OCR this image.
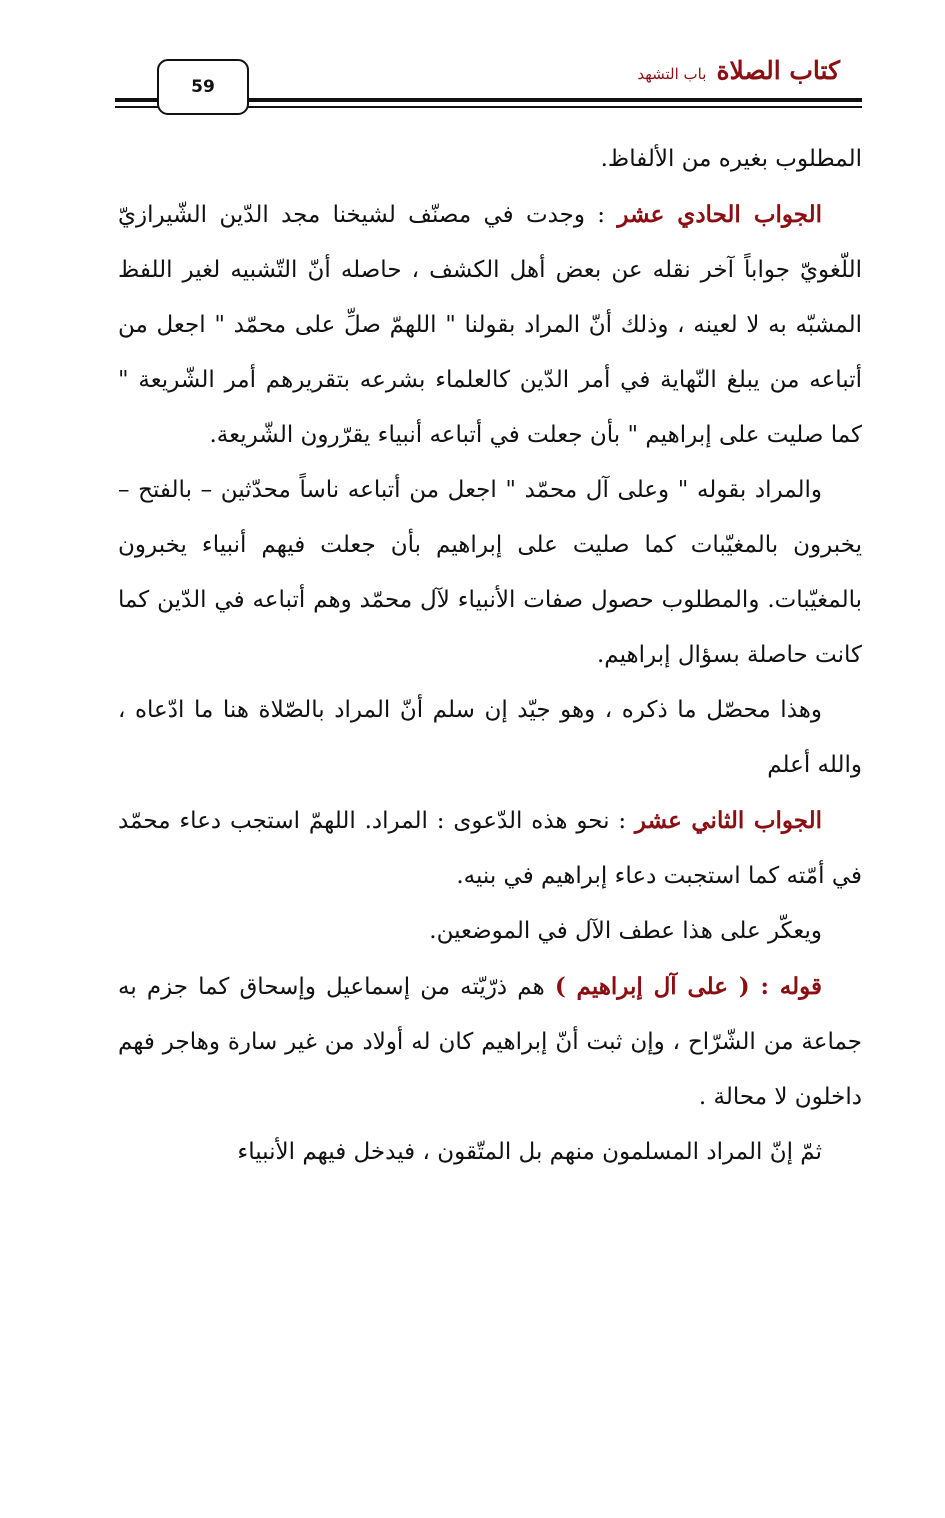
كتاب الصلاةباب التشهد
59

المطلوب بغيره من الألفاظ.

الجواب الحادي عشر : وجدت في مصنّف لشيخنا مجد الدّين الشّيرازيّ اللّغويّ جواباً آخر نقله عن بعض أهل الكشف ، حاصله أنّ التّشبيه لغير اللفظ المشبّه به لا لعينه ، وذلك أنّ المراد بقولنا " اللهمّ صلِّ على محمّد " اجعل من أتباعه من يبلغ النّهاية في أمر الدّين كالعلماء بشرعه بتقريرهم أمر الشّريعة " كما صليت على إبراهيم " بأن جعلت في أتباعه أنبياء يقرّرون الشّريعة.

والمراد بقوله " وعلى آل محمّد " اجعل من أتباعه ناساً محدّثين – بالفتح – يخبرون بالمغيّبات كما صليت على إبراهيم بأن جعلت فيهم أنبياء يخبرون بالمغيّبات. والمطلوب حصول صفات الأنبياء لآل محمّد وهم أتباعه في الدّين كما كانت حاصلة بسؤال إبراهيم.

وهذا محصّل ما ذكره ، وهو جيّد إن سلم أنّ المراد بالصّلاة هنا ما ادّعاه ، والله أعلم

الجواب الثاني عشر : نحو هذه الدّعوى : المراد. اللهمّ استجب دعاء محمّد في أمّته كما استجبت دعاء إبراهيم في بنيه.

ويعكّر على هذا عطف الآل في الموضعين.

قوله : ( على آل إبراهيم ) هم ذرّيّته من إسماعيل وإسحاق كما جزم به جماعة من الشّرّاح ، وإن ثبت أنّ إبراهيم كان له أولاد من غير سارة وهاجر فهم داخلون لا محالة .

ثمّ إنّ المراد المسلمون منهم بل المتّقون ، فيدخل فيهم الأنبياء
